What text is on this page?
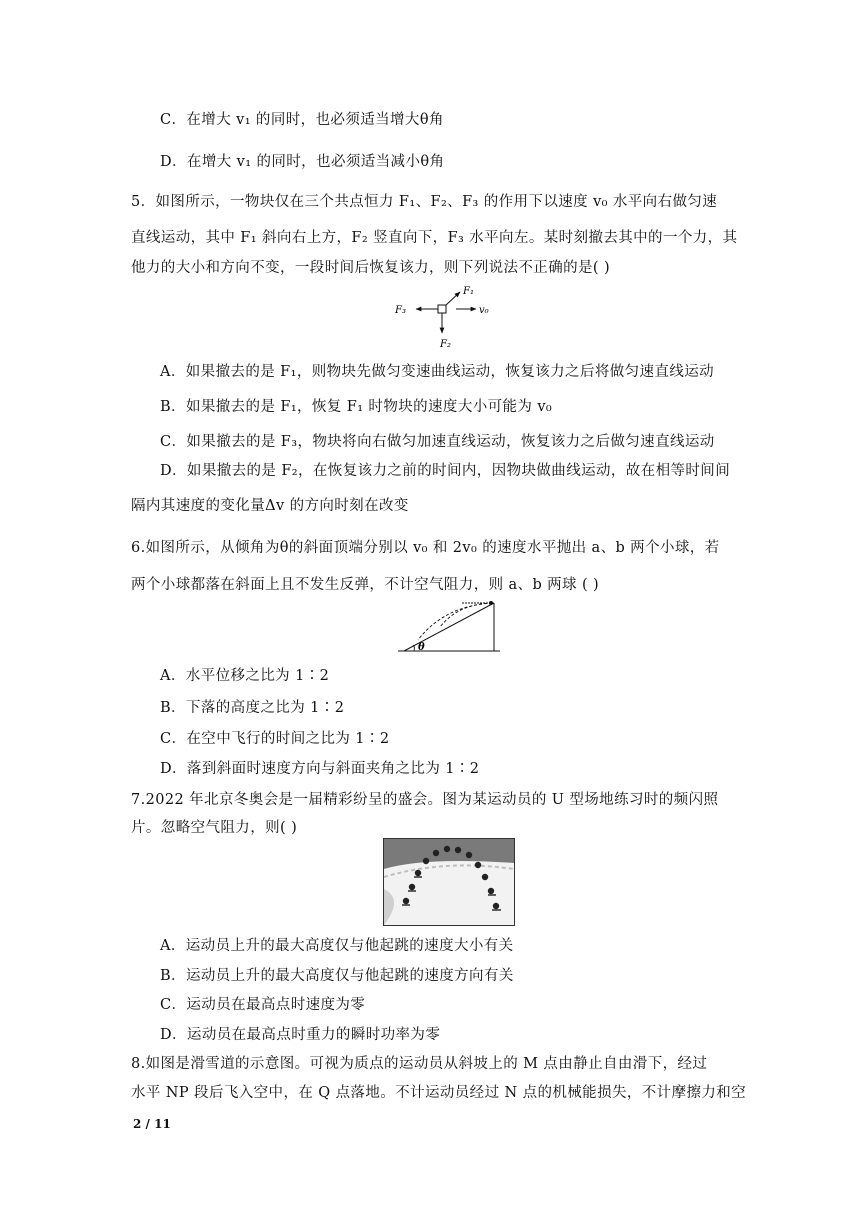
C．在增大 v₁ 的同时，也必须适当增大θ角
D．在增大 v₁ 的同时，也必须适当减小θ角
5．如图所示，一物块仅在三个共点恒力 F₁、F₂、F₃ 的作用下以速度 v₀ 水平向右做匀速
直线运动，其中 F₁ 斜向右上方，F₂ 竖直向下，F₃ 水平向左。某时刻撤去其中的一个力，其
他力的大小和方向不变，一段时间后恢复该力，则下列说法不正确的是( )
F₁
F₂
F₃	v₀
A．如果撤去的是 F₁，则物块先做匀变速曲线运动，恢复该力之后将做匀速直线运动
B．如果撤去的是 F₁，恢复 F₁ 时物块的速度大小可能为 v₀
C．如果撤去的是 F₃，物块将向右做匀加速直线运动，恢复该力之后做匀速直线运动
D．如果撤去的是 F₂，在恢复该力之前的时间内，因物块做曲线运动，故在相等时间间
隔内其速度的变化量Δv 的方向时刻在改变
6.如图所示，从倾角为θ的斜面顶端分别以 v₀ 和 2v₀ 的速度水平抛出 a、b 两个小球，若
两个小球都落在斜面上且不发生反弹，不计空气阻力，则 a、b 两球 ( )
θ
A．水平位移之比为 1∶2
B．下落的高度之比为 1∶2
C．在空中飞行的时间之比为 1∶2
D．落到斜面时速度方向与斜面夹角之比为 1∶2
7.2022 年北京冬奥会是一届精彩纷呈的盛会。图为某运动员的 U 型场地练习时的频闪照
片。忽略空气阻力，则( )
A．运动员上升的最大高度仅与他起跳的速度大小有关
B．运动员上升的最大高度仅与他起跳的速度方向有关
C．运动员在最高点时速度为零
D．运动员在最高点时重力的瞬时功率为零
8.如图是滑雪道的示意图。可视为质点的运动员从斜坡上的 M 点由静止自由滑下，经过
水平 NP 段后飞入空中，在 Q 点落地。不计运动员经过 N 点的机械能损失，不计摩擦力和空
2 / 11
